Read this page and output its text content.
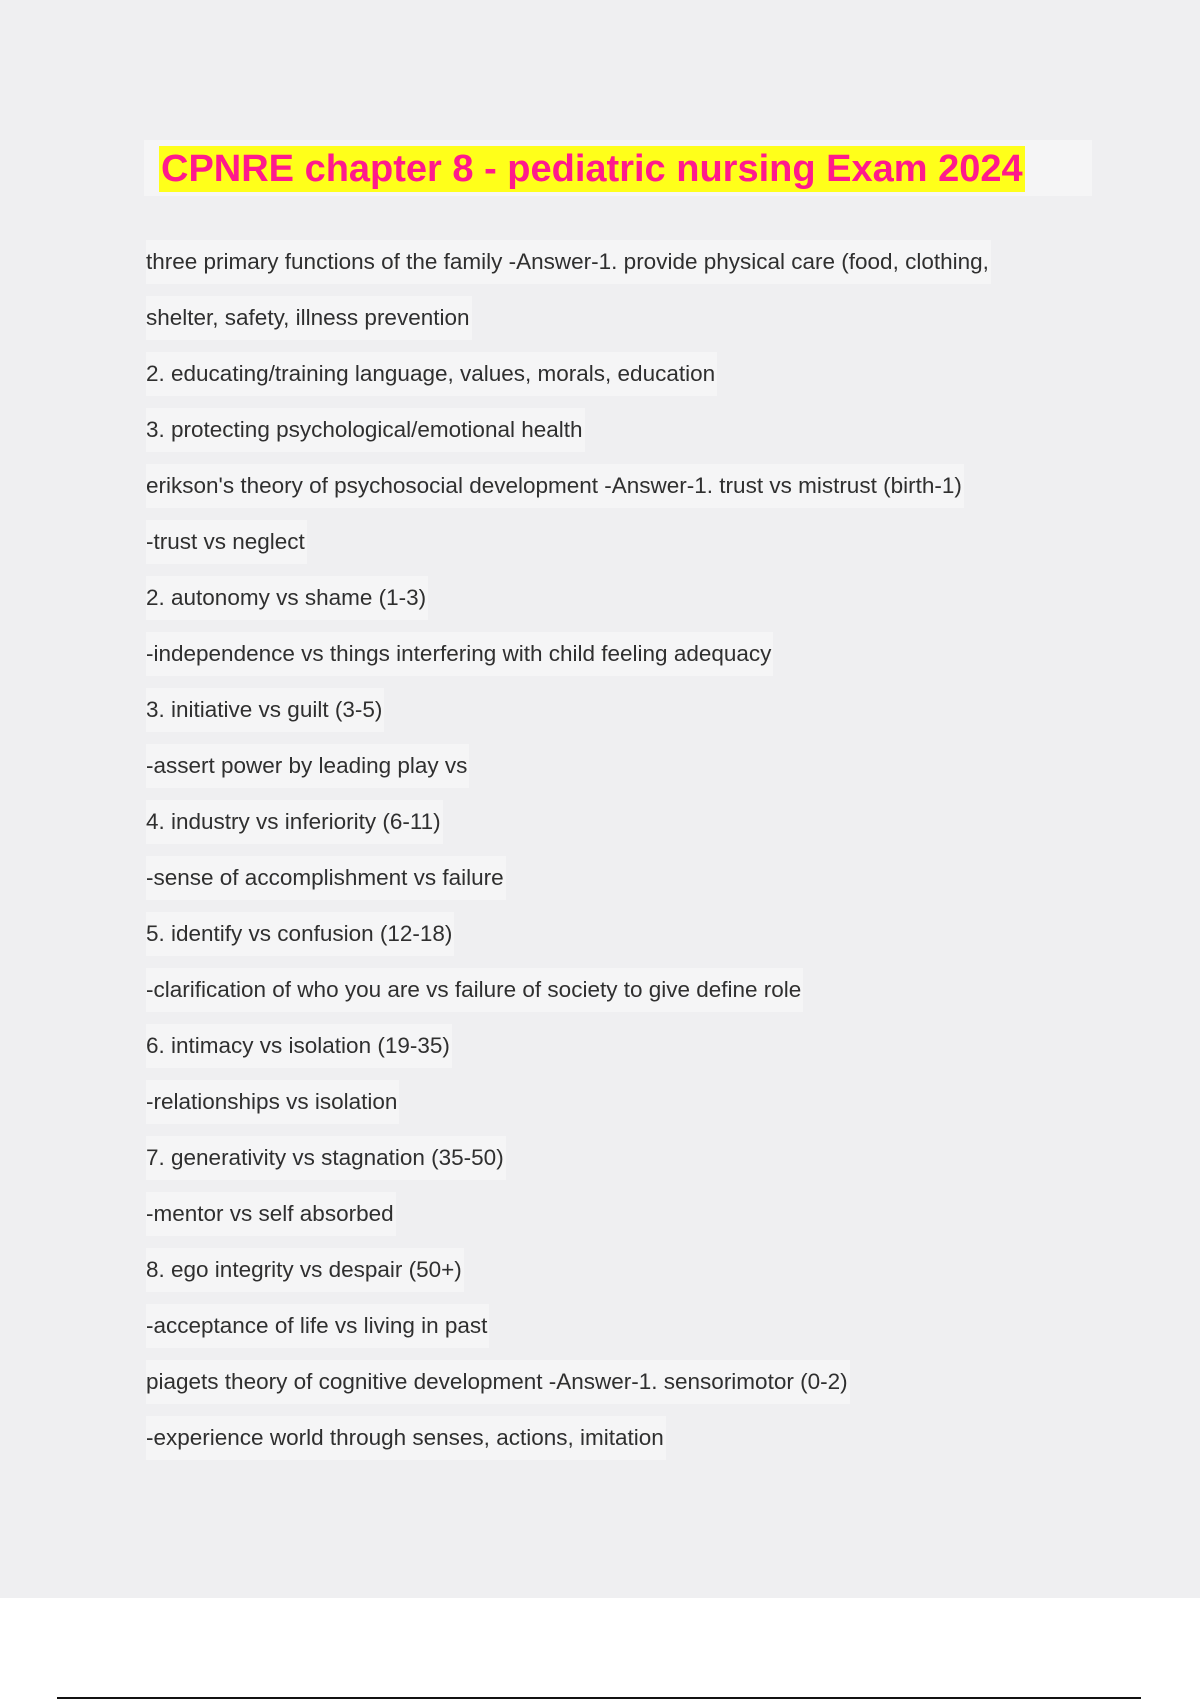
CPNRE chapter 8 - pediatric nursing Exam 2024
three primary functions of the family -Answer-1. provide physical care (food, clothing,
shelter, safety, illness prevention
2. educating/training language, values, morals, education
3. protecting psychological/emotional health
erikson's theory of psychosocial development -Answer-1. trust vs mistrust (birth-1)
-trust vs neglect
2. autonomy vs shame (1-3)
-independence vs things interfering with child feeling adequacy
3. initiative vs guilt (3-5)
-assert power by leading play vs
4. industry vs inferiority (6-11)
-sense of accomplishment vs failure
5. identify vs confusion (12-18)
-clarification of who you are vs failure of society to give define role
6. intimacy vs isolation (19-35)
-relationships vs isolation
7. generativity vs stagnation (35-50)
-mentor vs self absorbed
8. ego integrity vs despair (50+)
-acceptance of life vs living in past
piagets theory of cognitive development -Answer-1. sensorimotor (0-2)
-experience world through senses, actions, imitation
